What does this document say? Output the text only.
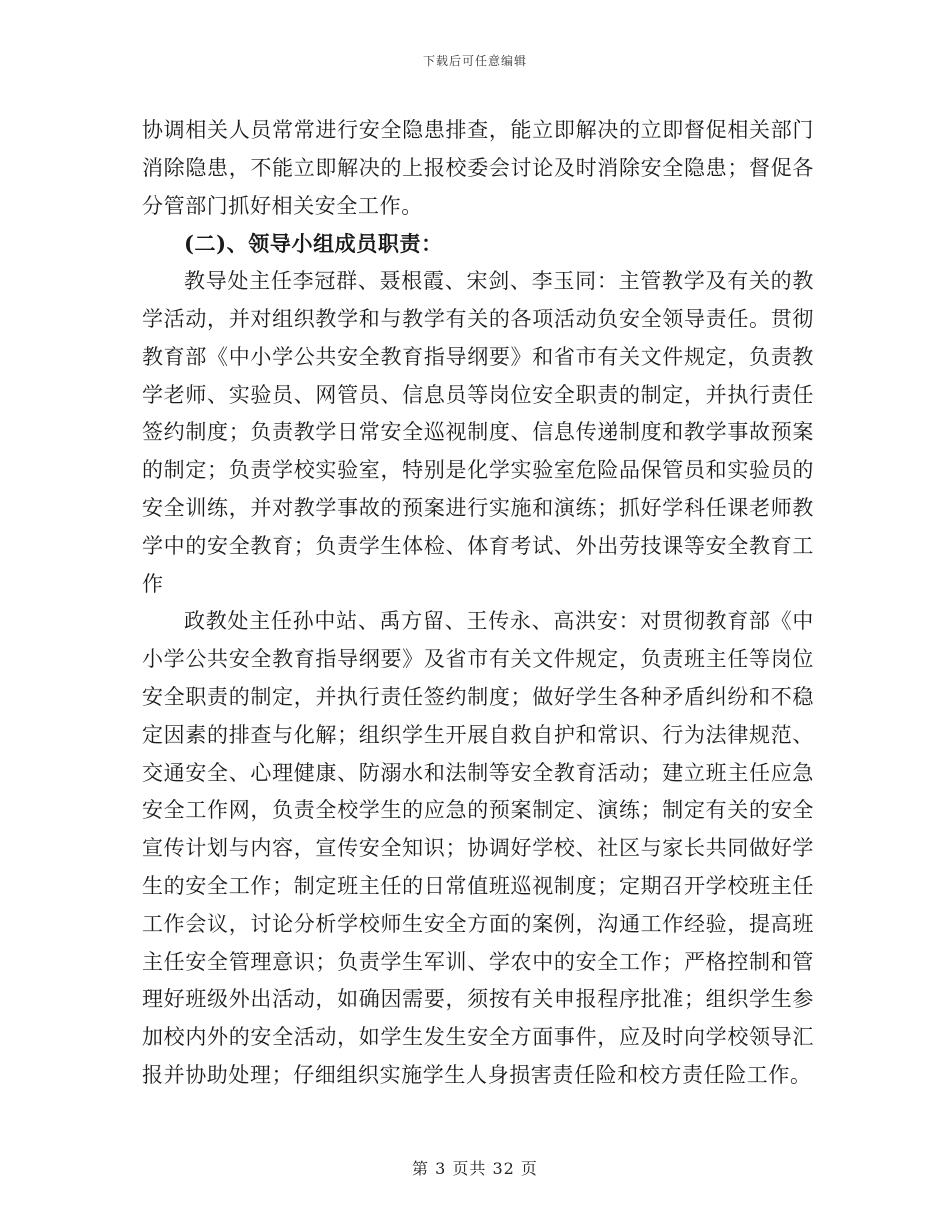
下载后可任意编辑

协调相关人员常常进行安全隐患排查，能立即解决的立即督促相关部门消除隐患，不能立即解决的上报校委会讨论及时消除安全隐患；督促各分管部门抓好相关安全工作。

(二)、领导小组成员职责：

教导处主任李冠群、聂根霞、宋剑、李玉同：主管教学及有关的教学活动，并对组织教学和与教学有关的各项活动负安全领导责任。贯彻教育部《中小学公共安全教育指导纲要》和省市有关文件规定，负责教学老师、实验员、网管员、信息员等岗位安全职责的制定，并执行责任签约制度；负责教学日常安全巡视制度、信息传递制度和教学事故预案的制定；负责学校实验室，特别是化学实验室危险品保管员和实验员的安全训练，并对教学事故的预案进行实施和演练；抓好学科任课老师教学中的安全教育；负责学生体检、体育考试、外出劳技课等安全教育工作

政教处主任孙中站、禹方留、王传永、高洪安：对贯彻教育部《中小学公共安全教育指导纲要》及省市有关文件规定，负责班主任等岗位安全职责的制定，并执行责任签约制度；做好学生各种矛盾纠纷和不稳定因素的排查与化解；组织学生开展自救自护和常识、行为法律规范、交通安全、心理健康、防溺水和法制等安全教育活动；建立班主任应急安全工作网，负责全校学生的应急的预案制定、演练；制定有关的安全宣传计划与内容，宣传安全知识；协调好学校、社区与家长共同做好学生的安全工作；制定班主任的日常值班巡视制度；定期召开学校班主任工作会议，讨论分析学校师生安全方面的案例，沟通工作经验，提高班主任安全管理意识；负责学生军训、学农中的安全工作；严格控制和管理好班级外出活动，如确因需要，须按有关申报程序批准；组织学生参加校内外的安全活动，如学生发生安全方面事件，应及时向学校领导汇报并协助处理；仔细组织实施学生人身损害责任险和校方责任险工作。

第 3 页共 32 页
